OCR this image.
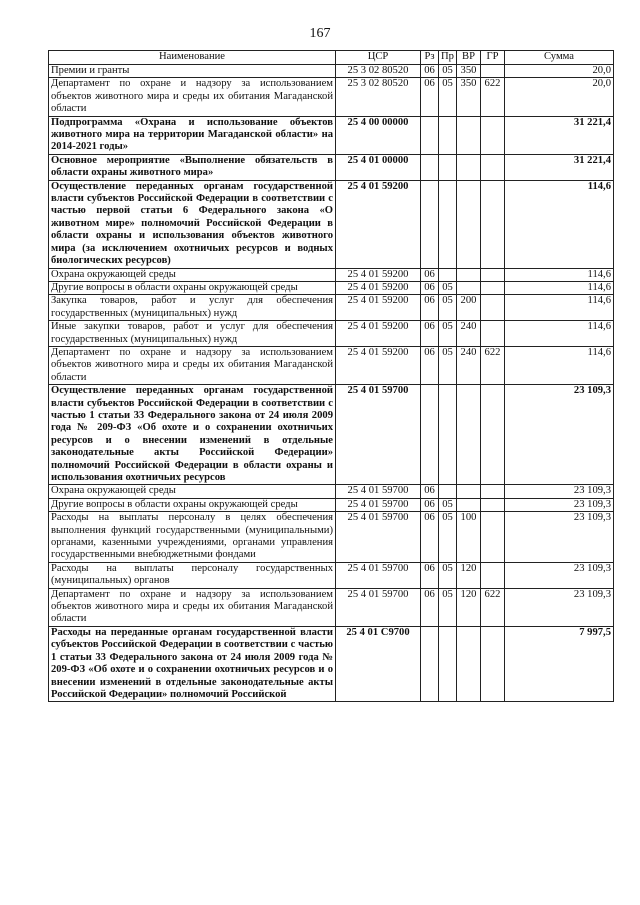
167
Наименование	ЦСР	Рз	Пр	ВР	ГР	Сумма
Премии и гранты	25 3 02 80520	06	05	350		20,0
Департамент по охране и надзору за использованием объектов животного мира и среды их обитания Магаданской области	25 3 02 80520	06	05	350	622	20,0
Подпрограмма «Охрана и использование объектов животного мира на территории Магаданской области» на 2014-2021 годы»	25 4 00 00000					31 221,4
Основное мероприятие «Выполнение обязательств в области охраны животного мира»	25 4 01 00000					31 221,4
Осуществление переданных органам государственной власти субъектов Российской Федерации в соответствии с частью первой статьи 6 Федерального закона «О животном мире» полномочий Российской Федерации в области охраны и использования объектов животного мира (за исключением охотничьих ресурсов и водных биологических ресурсов)	25 4 01 59200					114,6
Охрана окружающей среды	25 4 01 59200	06				114,6
Другие вопросы в области охраны окружающей среды	25 4 01 59200	06	05			114,6
Закупка товаров, работ и услуг для обеспечения государственных (муниципальных) нужд	25 4 01 59200	06	05	200		114,6
Иные закупки товаров, работ и услуг для обеспечения государственных (муниципальных) нужд	25 4 01 59200	06	05	240		114,6
Департамент по охране и надзору за использованием объектов животного мира и среды их обитания Магаданской области	25 4 01 59200	06	05	240	622	114,6
Осуществление переданных органам государственной власти субъектов Российской Федерации в соответствии с частью 1 статьи 33 Федерального закона от 24 июля 2009 года № 209-ФЗ «Об охоте и о сохранении охотничьих ресурсов и о внесении изменений в отдельные законодательные акты Российской Федерации» полномочий Российской Федерации в области охраны и использования охотничьих ресурсов	25 4 01 59700					23 109,3
Охрана окружающей среды	25 4 01 59700	06				23 109,3
Другие вопросы в области охраны окружающей среды	25 4 01 59700	06	05			23 109,3
Расходы на выплаты персоналу в целях обеспечения выполнения функций государственными (муниципальными) органами, казенными учреждениями, органами управления государственными внебюджетными фондами	25 4 01 59700	06	05	100		23 109,3
Расходы на выплаты персоналу государственных (муниципальных) органов	25 4 01 59700	06	05	120		23 109,3
Департамент по охране и надзору за использованием объектов животного мира и среды их обитания Магаданской области	25 4 01 59700	06	05	120	622	23 109,3
Расходы на переданные органам государственной власти субъектов Российской Федерации в соответствии с частью 1 статьи 33 Федерального закона от 24 июля 2009 года № 209-ФЗ «Об охоте и о сохранении охотничьих ресурсов и о внесении изменений в отдельные законодательные акты Российской Федерации» полномочий Российской	25 4 01 С9700					7 997,5
